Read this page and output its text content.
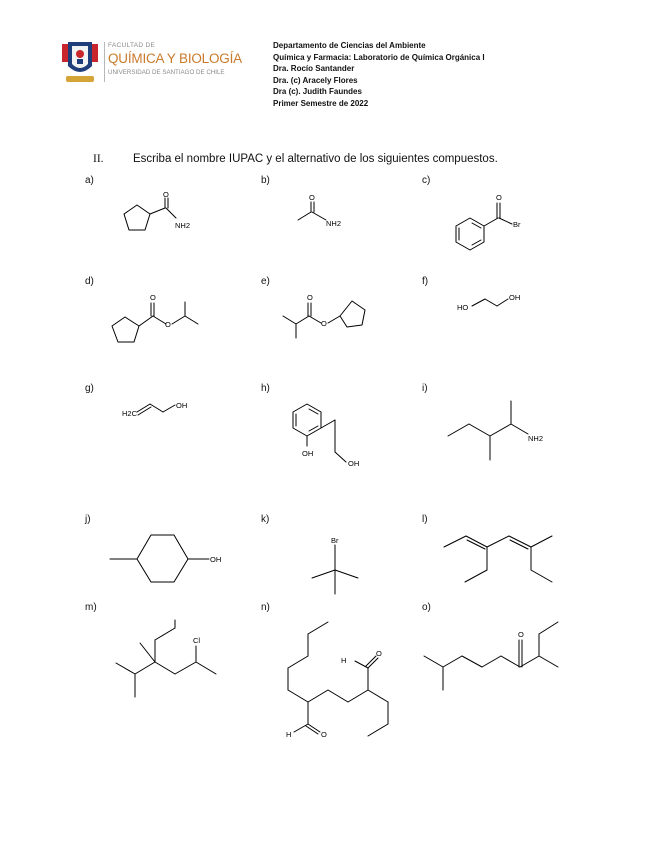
FACULTAD DE
QUÍMICA Y BIOLOGÍA
UNIVERSIDAD DE SANTIAGO DE CHILE
Departamento de Ciencias del Ambiente
Química y Farmacia: Laboratorio de Química Orgánica I
Dra. Rocío Santander
Dra. (c) Aracely Flores
Dra (c). Judith Faundes
Primer Semestre de 2022
II.	Escriba el nombre IUPAC y el alternativo de los siguientes compuestos.
a)	b)	c)
d)	e)	f)
g)	h)	i)
j)	k)	l)
m)	n)	o)
O
NH2
O
NH2
O
Br
O
O
O
O
HO
OH
H2C
OH
OH
OH
NH2
OH
Br
Cl
H	O
H
O
O
